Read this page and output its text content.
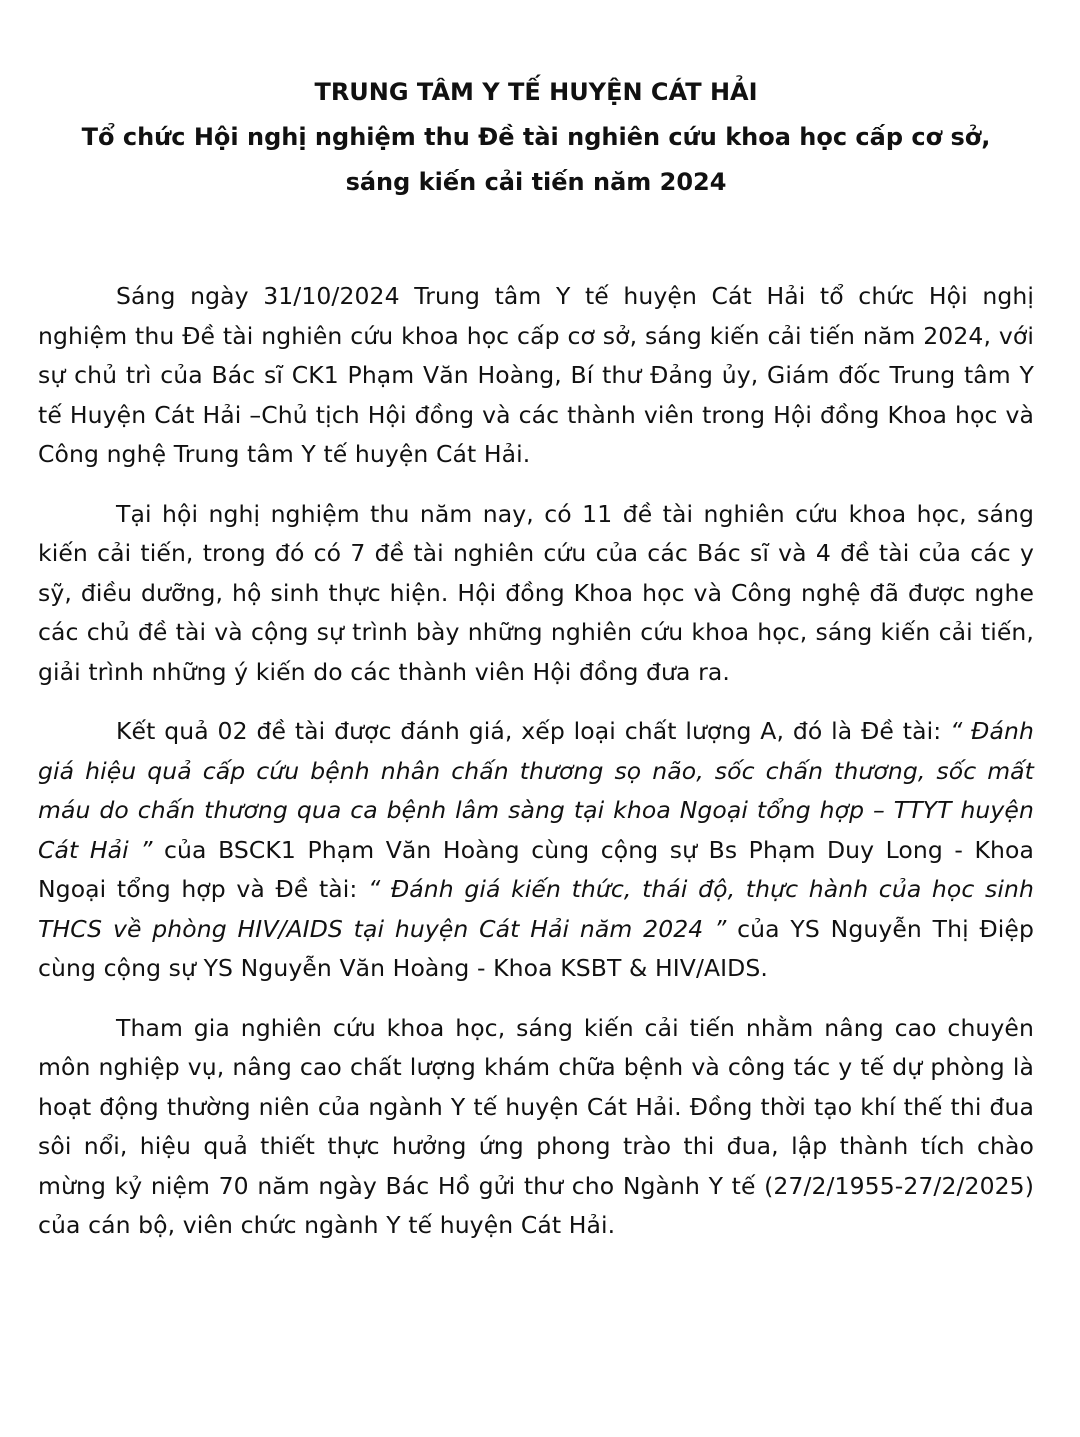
TRUNG TÂM Y TẾ HUYỆN CÁT HẢI
Tổ chức Hội nghị nghiệm thu Đề tài nghiên cứu khoa học cấp cơ sở,
sáng kiến cải tiến năm 2024

Sáng ngày 31/10/2024 Trung tâm Y tế huyện Cát Hải tổ chức Hội nghị nghiệm thu Đề tài nghiên cứu khoa học cấp cơ sở, sáng kiến cải tiến năm 2024, với sự chủ trì của Bác sĩ CK1 Phạm Văn Hoàng, Bí thư Đảng ủy, Giám đốc Trung tâm Y tế Huyện Cát Hải –Chủ tịch Hội đồng và các thành viên trong Hội đồng Khoa học và Công nghệ Trung tâm Y tế huyện Cát Hải.

Tại hội nghị nghiệm thu năm nay, có 11 đề tài nghiên cứu khoa học, sáng kiến cải tiến, trong đó có 7 đề tài nghiên cứu của các Bác sĩ và 4 đề tài của các y sỹ, điều dưỡng, hộ sinh thực hiện. Hội đồng Khoa học và Công nghệ đã được nghe các chủ đề tài và cộng sự trình bày những nghiên cứu khoa học, sáng kiến cải tiến, giải trình những ý kiến do các thành viên Hội đồng đưa ra.

Kết quả 02 đề tài được đánh giá, xếp loại chất lượng A, đó là Đề tài: “ Đánh giá hiệu quả cấp cứu bệnh nhân chấn thương sọ não, sốc chấn thương, sốc mất máu do chấn thương qua ca bệnh lâm sàng tại khoa Ngoại tổng hợp – TTYT huyện Cát Hải ” của BSCK1 Phạm Văn Hoàng cùng cộng sự Bs Phạm Duy Long - Khoa Ngoại tổng hợp và Đề tài: “ Đánh giá kiến thức, thái độ, thực hành của học sinh THCS về phòng HIV/AIDS tại huyện Cát Hải năm 2024 ” của YS Nguyễn Thị Điệp cùng cộng sự YS Nguyễn Văn Hoàng - Khoa KSBT & HIV/AIDS.

Tham gia nghiên cứu khoa học, sáng kiến cải tiến nhằm nâng cao chuyên môn nghiệp vụ, nâng cao chất lượng khám chữa bệnh và công tác y tế dự phòng là hoạt động thường niên của ngành Y tế huyện Cát Hải. Đồng thời tạo khí thế thi đua sôi nổi, hiệu quả thiết thực hưởng ứng phong trào thi đua, lập thành tích chào mừng kỷ niệm 70 năm ngày Bác Hồ gửi thư cho Ngành Y tế (27/2/1955-27/2/2025) của cán bộ, viên chức ngành Y tế huyện Cát Hải.
